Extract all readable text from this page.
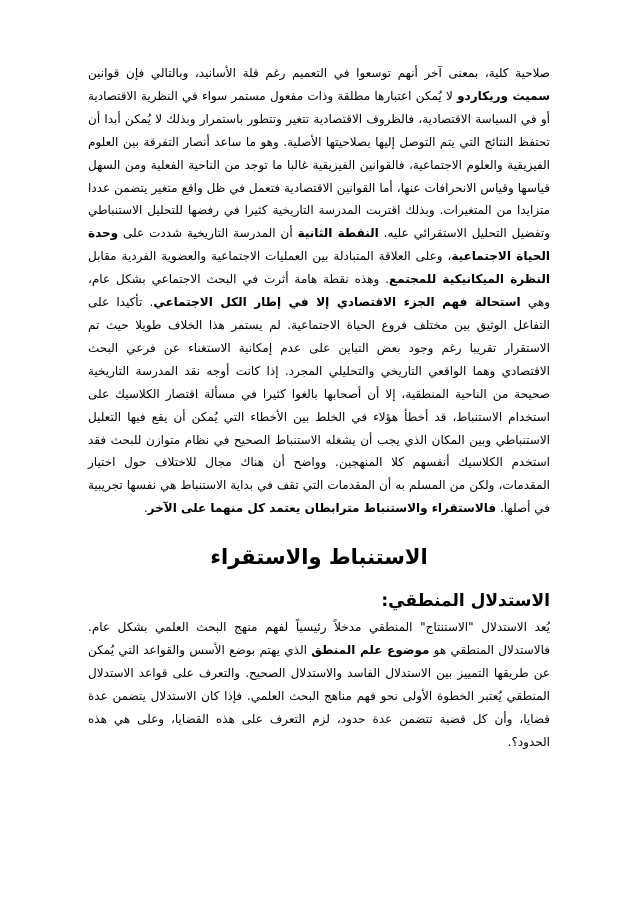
صلاحية كلية، بمعنى آخر أنهم توسعوا في التعميم رغم قلة الأسانيد، وبالتالي فإن قوانين سميث وريكاردو لا يُمكن اعتبارها مطلقة وذات مفعول مستمر سواء في النظرية الاقتصادية أو في السياسة الاقتصادية، فالظروف الاقتصادية تتغير وتتطور باستمرار وبذلك لا يُمكن أبدا أن تحتفظ النتائج التي يتم التوصل إليها بصلاحيتها الأصلية. وهو ما ساعد أنصار التفرقة بين العلوم الفيزيقية والعلوم الاجتماعية، فالقوانين الفيزيقية غالبا ما توجد من الناحية الفعلية ومن السهل قياسها وقياس الانحرافات عنها، أما القوانين الاقتصادية فتعمل في ظل واقع متغير يتضمن عددا متزايدا من المتغيرات. وبذلك اقتربت المدرسة التاريخية كثيرا في رفضها للتحليل الاستنباطي وتفضيل التحليل الاستقرائي عليه. النقطة الثانية أن المدرسة التاريخية شددت على وحدة الحياة الاجتماعية، وعلى العلاقة المتبادلة بين العمليات الاجتماعية والعضوية الفردية مقابل النظرة الميكانيكية للمجتمع. وهذه نقطة هامة أثرت في البحث الاجتماعي بشكل عام، وهي استحالة فهم الجزء الاقتصادي إلا في إطار الكل الاجتماعي. تأكيدا على التفاعل الوثيق بين مختلف فروع الحياة الاجتماعية. لم يستمر هذا الخلاف طويلا حيث تم الاستقرار تقريبا رغم وجود بعض التباين على عدم إمكانية الاستغناء عن فرعي البحث الاقتصادي وهما الواقعي التاريخي والتحليلي المجرد. إذا كانت أوجه نقد المدرسة التاريخية صحيحة من الناحية المنطقية، إلا أن أصحابها بالغوا كثيرا في مسألة اقتصار الكلاسيك على استخدام الاستنباط، قد أخطأ هؤلاء في الخلط بين الأخطاء التي يُمكن أن يقع فيها التعليل الاستنباطي وبين المكان الذي يجب أن يشغله الاستنباط الصحيح في نظام متوازن للبحث فقد استخدم الكلاسيك أنفسهم كلا المنهجين. وواضح أن هناك مجال للاختلاف حول اختيار المقدمات، ولكن من المسلم به أن المقدمات التي تقف في بداية الاستنباط هي نفسها تجريبية في أصلها. فالاستقراء والاستنباط مترابطان يعتمد كل منهما على الآخر.

الاستنباط والاستقراء
الاستدلال المنطقي:

يُعد الاستدلال "الاستنتاج" المنطقي مدخلاً رئيسياً لفهم منهج البحث العلمي بشكل عام. فالاستدلال المنطقي هو موضوع علم المنطق الذي يهتم بوضع الأسس والقواعد التي يُمكن عن طريقها التمييز بين الاستدلال الفاسد والاستدلال الصحيح. والتعرف على قواعد الاستدلال المنطقي يُعتبر الخطوة الأولى نحو فهم مناهج البحث العلمي. فإذا كان الاستدلال يتضمن عدة قضايا، وأن كل قضية تتضمن عدة حدود، لزم التعرف على هذه القضايا، وعلى هي هذه الحدود؟.
